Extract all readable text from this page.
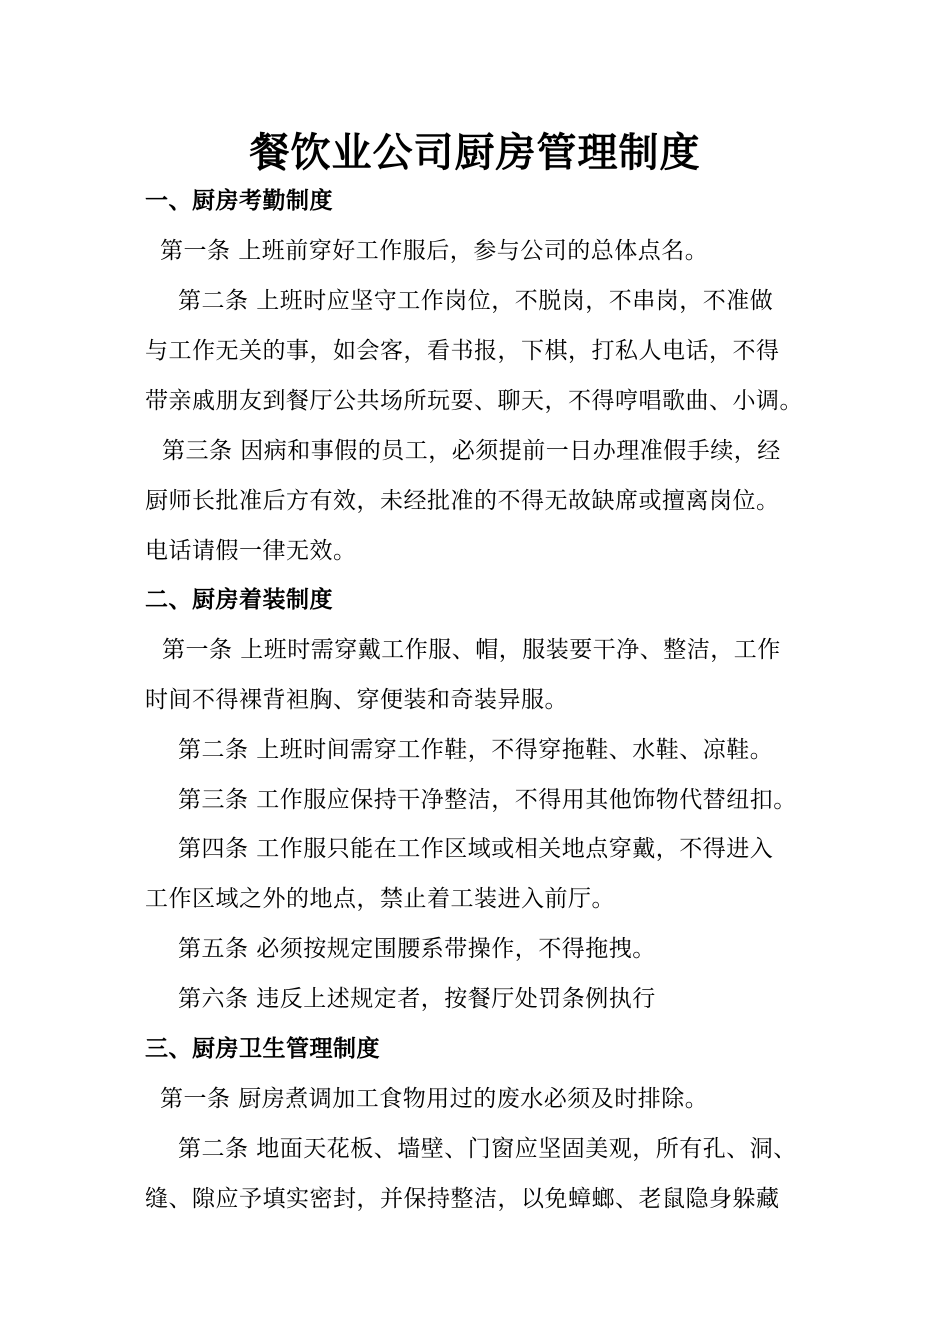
餐饮业公司厨房管理制度
一、厨房考勤制度
第一条 上班前穿好工作服后，参与公司的总体点名。
第二条 上班时应坚守工作岗位，不脱岗，不串岗，不准做
与工作无关的事，如会客，看书报，下棋，打私人电话，不得
带亲戚朋友到餐厅公共场所玩耍、聊天，不得哼唱歌曲、小调。
第三条 因病和事假的员工，必须提前一日办理准假手续，经
厨师长批准后方有效，未经批准的不得无故缺席或擅离岗位。
电话请假一律无效。
二、厨房着装制度
第一条 上班时需穿戴工作服、帽，服装要干净、整洁，工作
时间不得裸背袒胸、穿便装和奇装异服。
第二条 上班时间需穿工作鞋，不得穿拖鞋、水鞋、凉鞋。
第三条 工作服应保持干净整洁，不得用其他饰物代替纽扣。
第四条 工作服只能在工作区域或相关地点穿戴，不得进入
工作区域之外的地点，禁止着工装进入前厅。
第五条 必须按规定围腰系带操作，不得拖拽。
第六条 违反上述规定者，按餐厅处罚条例执行
三、厨房卫生管理制度
第一条 厨房煮调加工食物用过的废水必须及时排除。
第二条 地面天花板、墙壁、门窗应坚固美观，所有孔、洞、
缝、隙应予填实密封，并保持整洁，以免蟑螂、老鼠隐身躲藏
